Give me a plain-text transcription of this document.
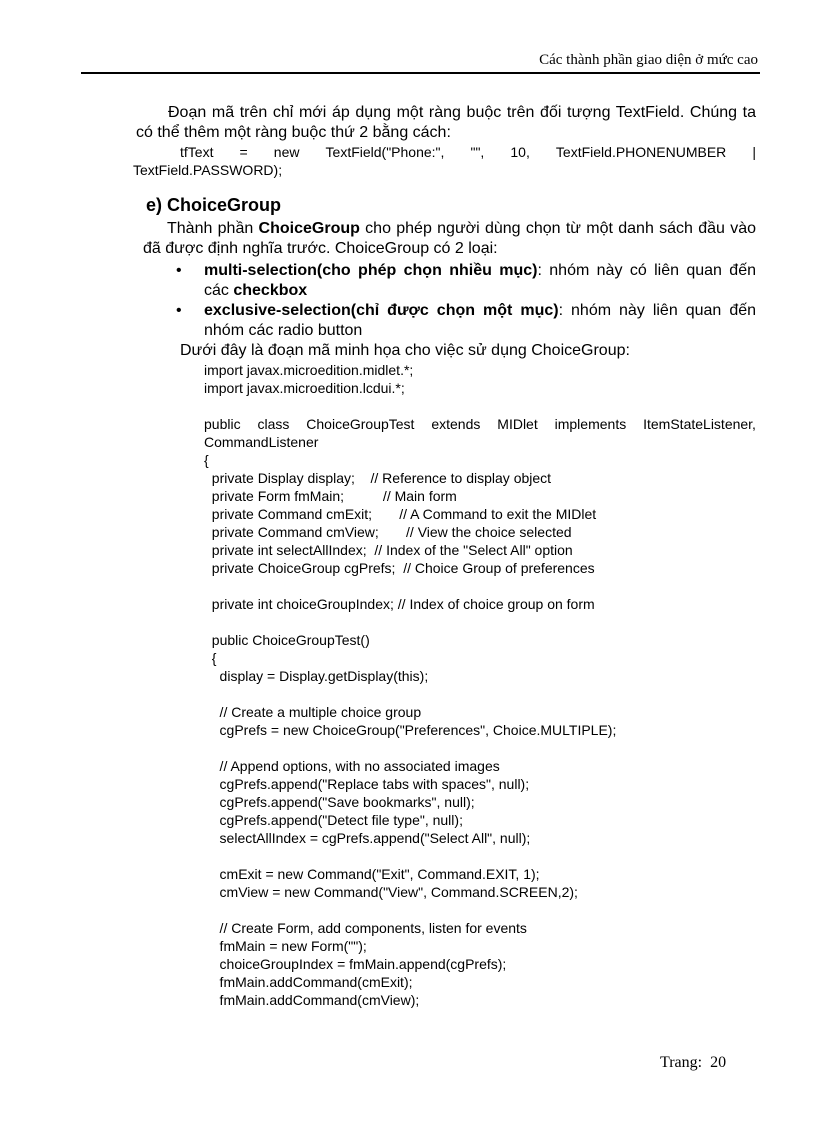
Các thành phần giao diện ở mức cao
Đoạn mã trên chỉ mới áp dụng một ràng buộc trên đối tượng TextField. Chúng ta có thể thêm một ràng buộc thứ 2 bằng cách:
tfText = new TextField("Phone:", "", 10, TextField.PHONENUMBER |
TextField.PASSWORD);
e) ChoiceGroup
Thành phần ChoiceGroup cho phép người dùng chọn từ một danh sách đầu vào đã được định nghĩa trước. ChoiceGroup có 2 loại:
• multi-selection(cho phép chọn nhiều mục): nhóm này có liên quan đến các checkbox
• exclusive-selection(chỉ được chọn một mục): nhóm này liên quan đến nhóm các radio button
Dưới đây là đoạn mã minh họa cho việc sử dụng ChoiceGroup:
import javax.microedition.midlet.*;
import javax.microedition.lcdui.*;
public class ChoiceGroupTest extends MIDlet implements ItemStateListener,
CommandListener
{
private Display display;    // Reference to display object
private Form fmMain;          // Main form
private Command cmExit;       // A Command to exit the MIDlet
private Command cmView;       // View the choice selected
private int selectAllIndex;  // Index of the "Select All" option
private ChoiceGroup cgPrefs;  // Choice Group of preferences
private int choiceGroupIndex; // Index of choice group on form
public ChoiceGroupTest()
{
display = Display.getDisplay(this);
// Create a multiple choice group
cgPrefs = new ChoiceGroup("Preferences", Choice.MULTIPLE);
// Append options, with no associated images
cgPrefs.append("Replace tabs with spaces", null);
cgPrefs.append("Save bookmarks", null);
cgPrefs.append("Detect file type", null);
selectAllIndex = cgPrefs.append("Select All", null);
cmExit = new Command("Exit", Command.EXIT, 1);
cmView = new Command("View", Command.SCREEN,2);
// Create Form, add components, listen for events
fmMain = new Form("");
choiceGroupIndex = fmMain.append(cgPrefs);
fmMain.addCommand(cmExit);
fmMain.addCommand(cmView);
Trang: 20
